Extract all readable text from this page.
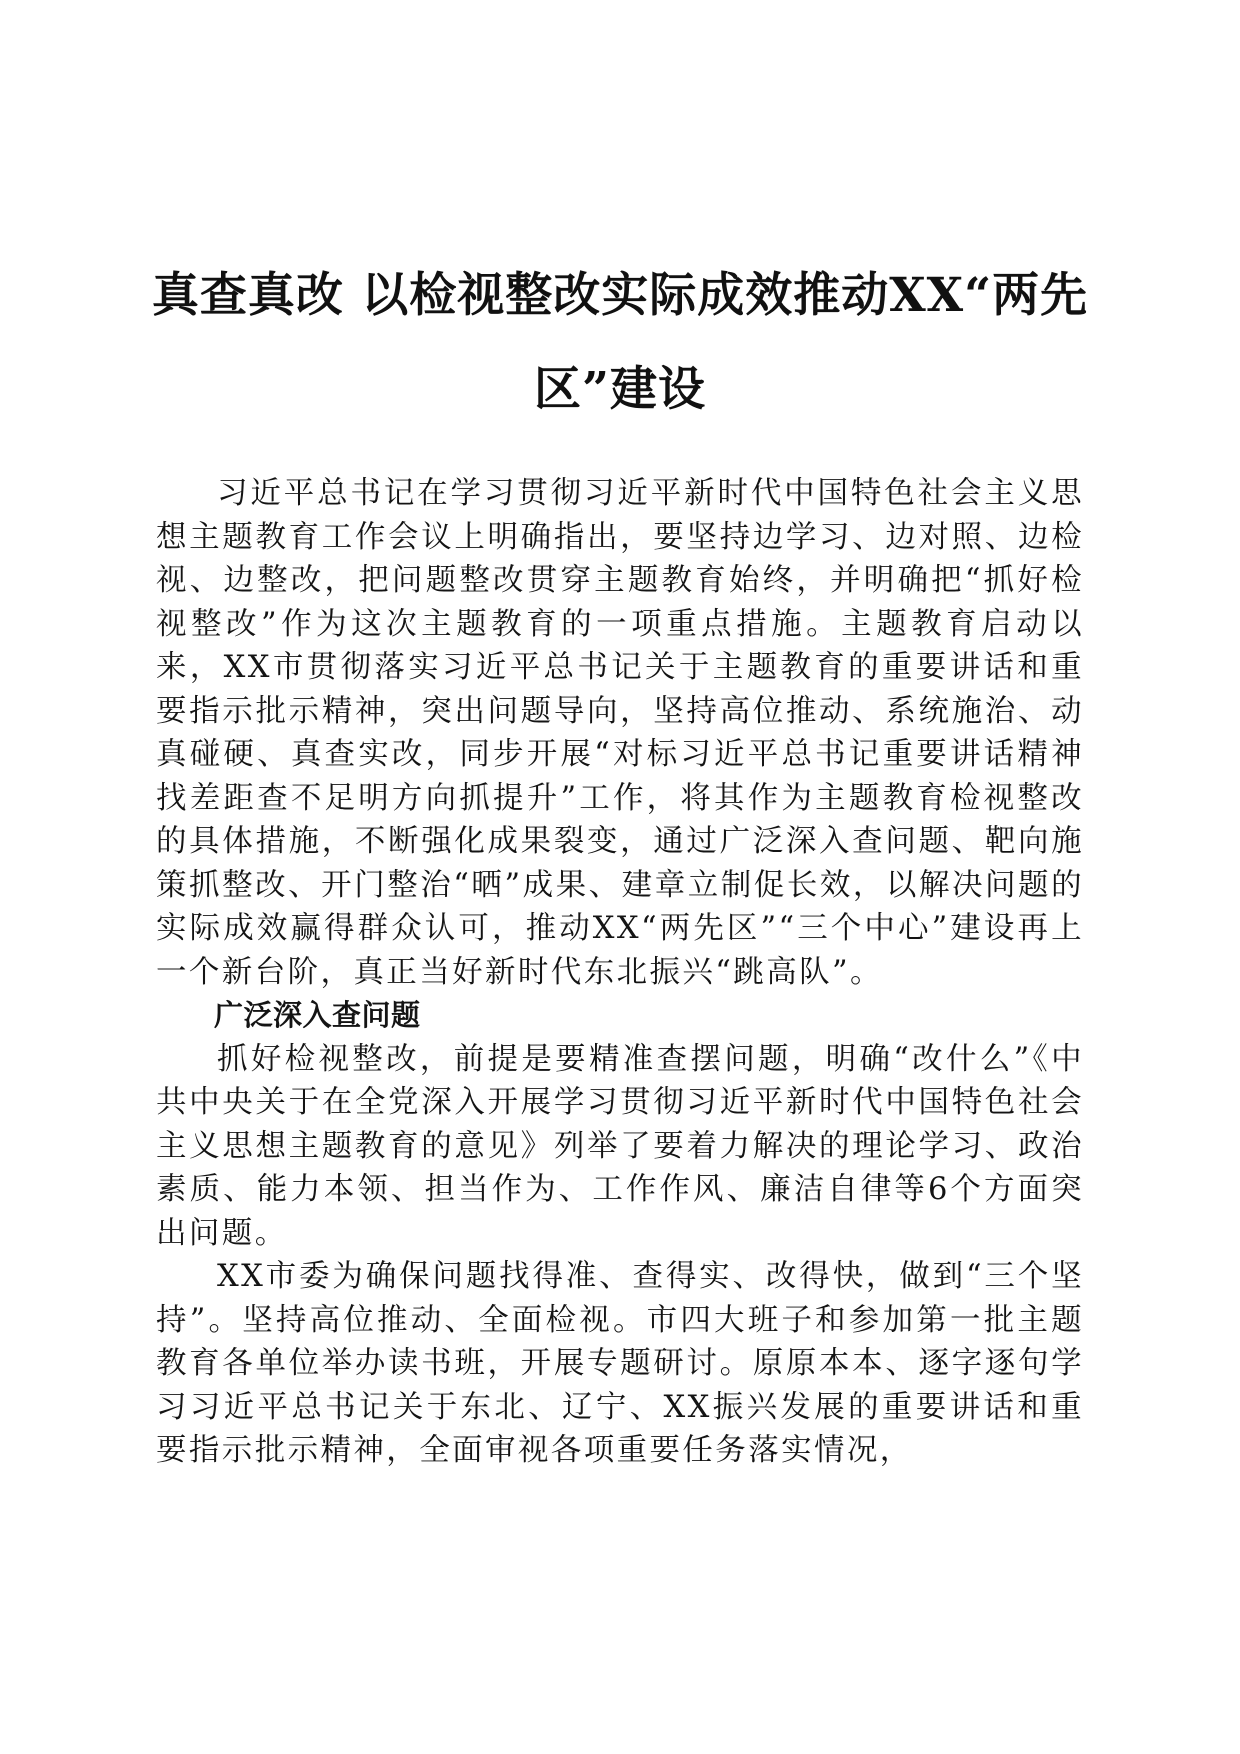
真查真改 以检视整改实际成效推动XX“两先区”建设

习近平总书记在学习贯彻习近平新时代中国特色社会主义思想主题教育工作会议上明确指出，要坚持边学习、边对照、边检视、边整改，把问题整改贯穿主题教育始终，并明确把“抓好检视整改”作为这次主题教育的一项重点措施。主题教育启动以来，XX市贯彻落实习近平总书记关于主题教育的重要讲话和重要指示批示精神，突出问题导向，坚持高位推动、系统施治、动真碰硬、真查实改，同步开展“对标习近平总书记重要讲话精神找差距查不足明方向抓提升”工作，将其作为主题教育检视整改的具体措施，不断强化成果裂变，通过广泛深入查问题、靶向施策抓整改、开门整治“晒”成果、建章立制促长效，以解决问题的实际成效赢得群众认可，推动XX“两先区”“三个中心”建设再上一个新台阶，真正当好新时代东北振兴“跳高队”。

广泛深入查问题

抓好检视整改，前提是要精准查摆问题，明确“改什么”《中共中央关于在全党深入开展学习贯彻习近平新时代中国特色社会主义思想主题教育的意见》列举了要着力解决的理论学习、政治素质、能力本领、担当作为、工作作风、廉洁自律等6个方面突出问题。

XX市委为确保问题找得准、查得实、改得快，做到“三个坚持”。坚持高位推动、全面检视。市四大班子和参加第一批主题教育各单位举办读书班，开展专题研讨。原原本本、逐字逐句学习习近平总书记关于东北、辽宁、XX振兴发展的重要讲话和重要指示批示精神，全面审视各项重要任务落实情况，
